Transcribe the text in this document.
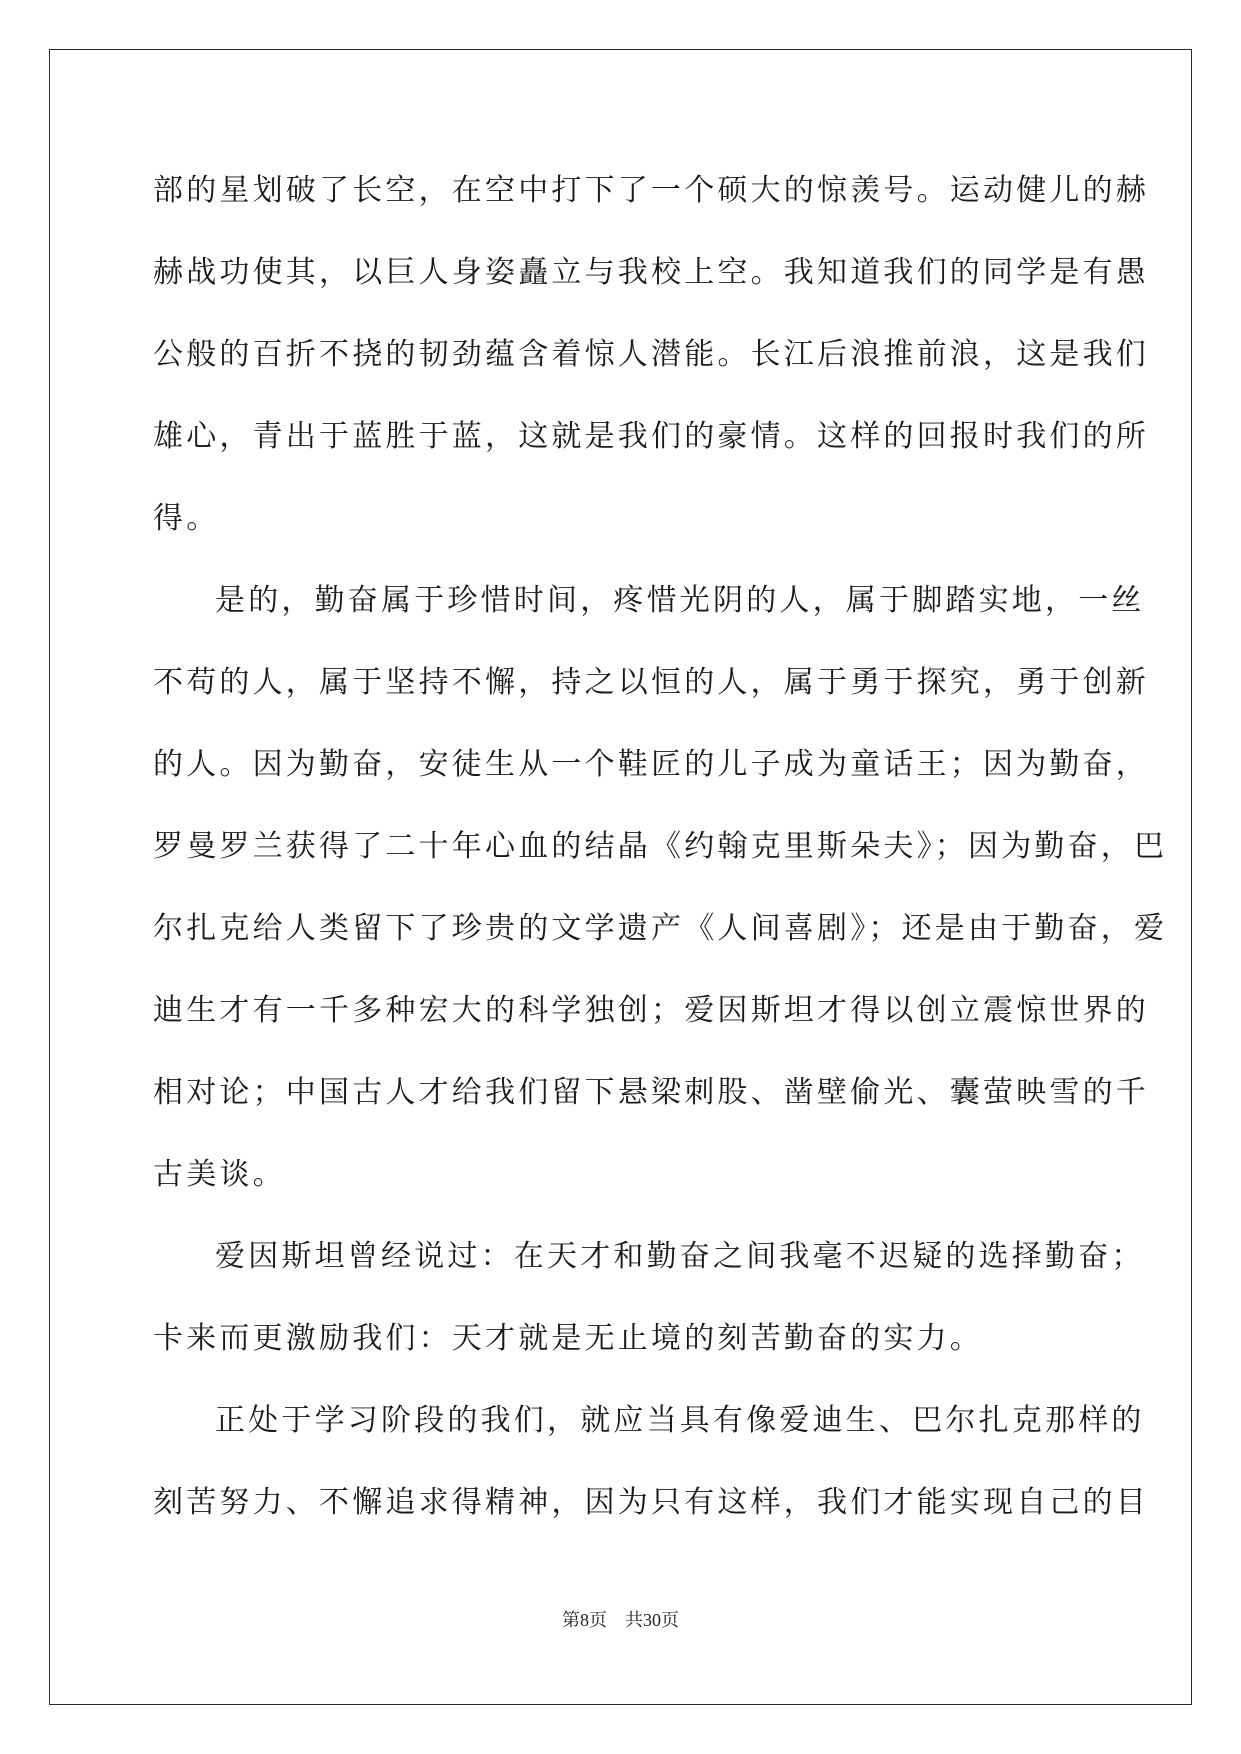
部的星划破了长空，在空中打下了一个硕大的惊羡号。运动健儿的赫
赫战功使其，以巨人身姿矗立与我校上空。我知道我们的同学是有愚
公般的百折不挠的韧劲蕴含着惊人潜能。长江后浪推前浪，这是我们
雄心，青出于蓝胜于蓝，这就是我们的豪情。这样的回报时我们的所
得。
是的，勤奋属于珍惜时间，疼惜光阴的人，属于脚踏实地，一丝
不苟的人，属于坚持不懈，持之以恒的人，属于勇于探究，勇于创新
的人。因为勤奋，安徒生从一个鞋匠的儿子成为童话王；因为勤奋，
罗曼罗兰获得了二十年心血的结晶《约翰克里斯朵夫》；因为勤奋，巴
尔扎克给人类留下了珍贵的文学遗产《人间喜剧》；还是由于勤奋，爱
迪生才有一千多种宏大的科学独创；爱因斯坦才得以创立震惊世界的
相对论；中国古人才给我们留下悬梁刺股、凿壁偷光、囊萤映雪的千
古美谈。
爱因斯坦曾经说过：在天才和勤奋之间我毫不迟疑的选择勤奋；
卡来而更激励我们：天才就是无止境的刻苦勤奋的实力。
正处于学习阶段的我们，就应当具有像爱迪生、巴尔扎克那样的
刻苦努力、不懈追求得精神，因为只有这样，我们才能实现自己的目
第8页 共30页
